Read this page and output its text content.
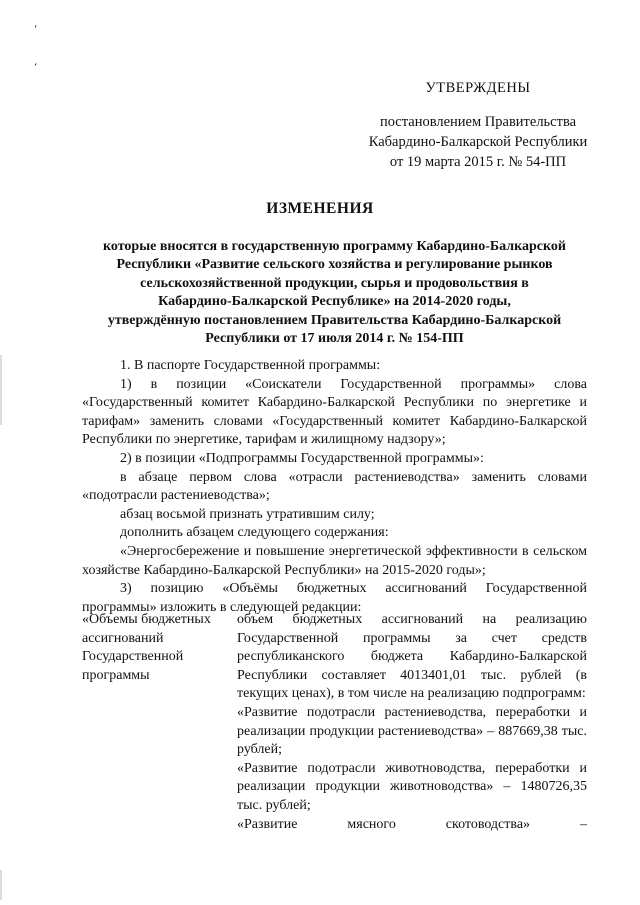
‘
‘
УТВЕРЖДЕНЫ
постановлением Правительства
Кабардино-Балкарской Республики
от 19 марта 2015 г. № 54-ПП
ИЗМЕНЕНИЯ
которые вносятся в государственную программу Кабардино-Балкарской
Республики «Развитие сельского хозяйства и регулирование рынков
сельскохозяйственной продукции, сырья и продовольствия в
Кабардино-Балкарской Республике» на 2014-2020 годы,
утверждённую постановлением Правительства Кабардино-Балкарской
Республики от 17 июля 2014 г. № 154-ПП

1. В паспорте Государственной программы:

1) в позиции «Соискатели Государственной программы» слова «Государственный комитет Кабардино-Балкарской Республики по энергетике и тарифам» заменить словами «Государственный комитет Кабардино-Балкарской Республики по энергетике, тарифам и жилищному надзору»;

2) в позиции «Подпрограммы Государственной программы»:

в абзаце первом слова «отрасли растениеводства» заменить словами «подотрасли растениеводства»;

абзац восьмой признать утратившим силу;

дополнить абзацем следующего содержания:

«Энергосбережение и повышение энергетической эффективности в сельском хозяйстве Кабардино-Балкарской Республики» на 2015-2020 годы»;

3) позицию «Объёмы бюджетных ассигнований Государственной программы» изложить в следующей редакции:

«Объемы бюджетных ассигнований Государственной программы

объем бюджетных ассигнований на реализацию Государственной программы за счет средств республиканского бюджета Кабардино-Балкарской Республики составляет 4013401,01 тыс. рублей (в текущих ценах), в том числе на реализацию подпрограмм:

«Развитие подотрасли растениеводства, переработки и реализации продукции растениеводства» – 887669,38 тыс. рублей;

«Развитие подотрасли животноводства, переработки и реализации продукции животноводства» – 1480726,35 тыс. рублей;

«Развитие мясного скотоводства» –
